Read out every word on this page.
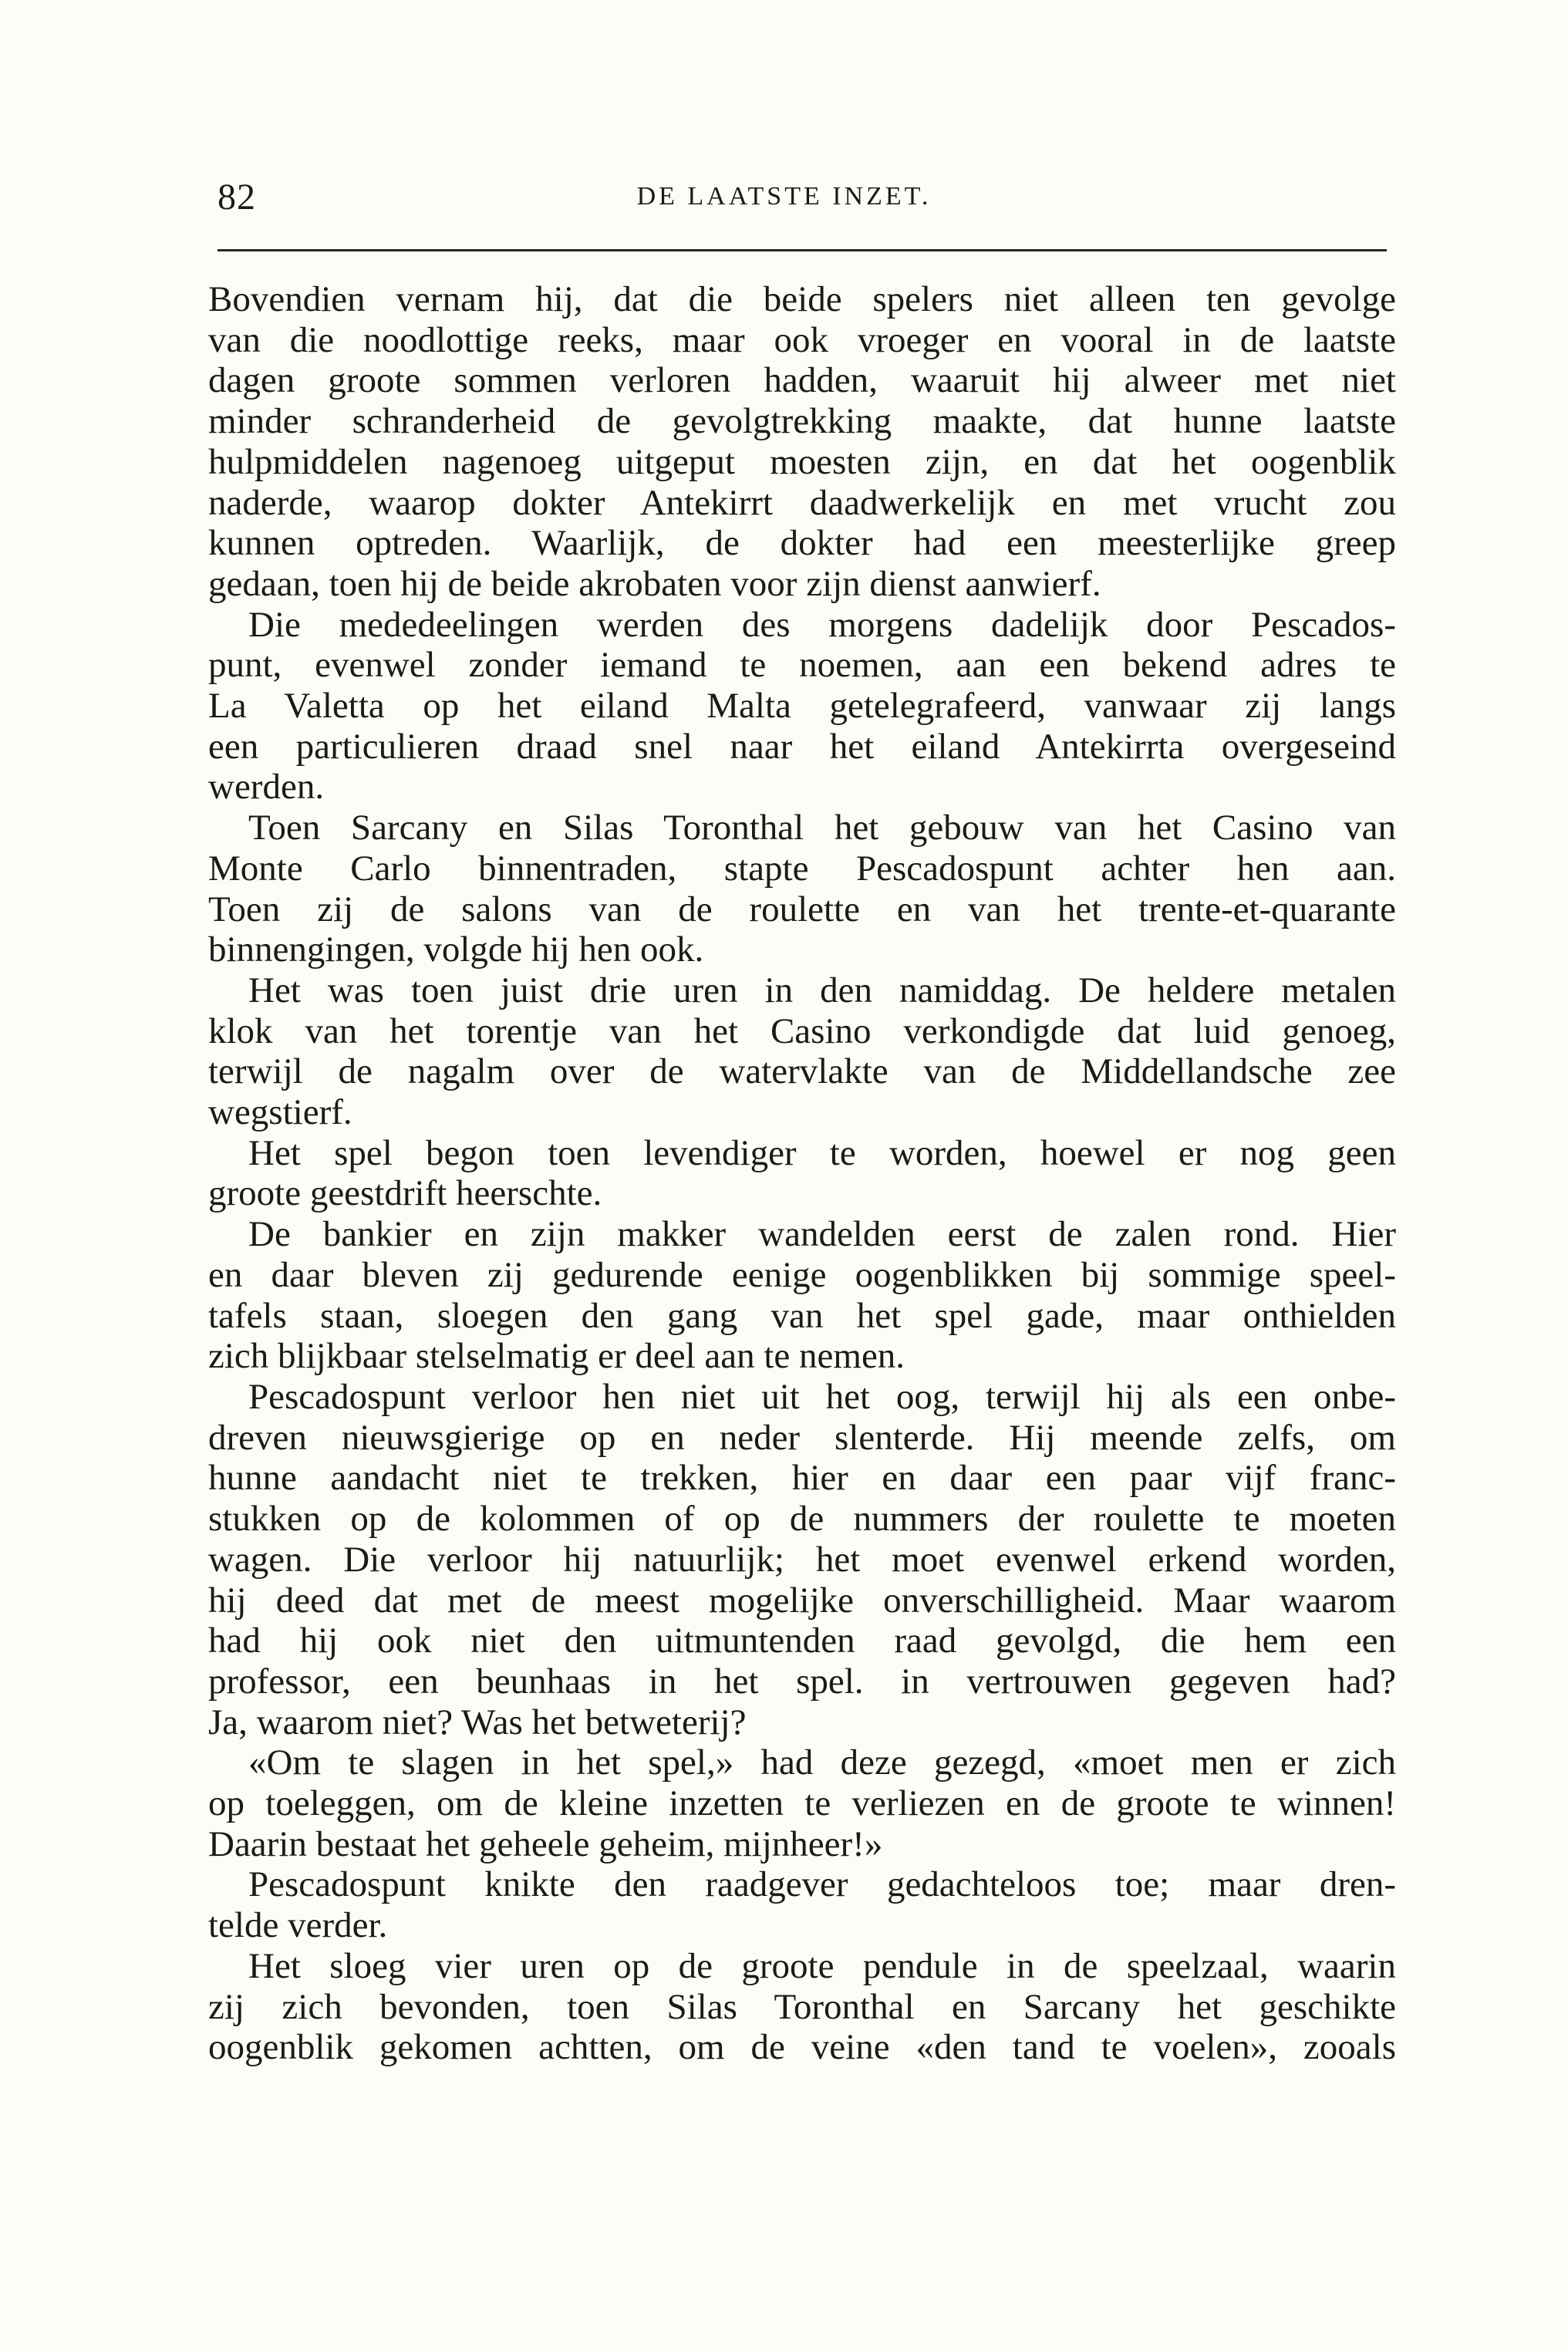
82	DE LAATSTE INZET.
Bovendien vernam hij, dat die beide spelers niet alleen ten gevolge
van die noodlottige reeks, maar ook vroeger en vooral in de laatste
dagen groote sommen verloren hadden, waaruit hij alweer met niet
minder schranderheid de gevolgtrekking maakte, dat hunne laatste
hulpmiddelen nagenoeg uitgeput moesten zijn, en dat het oogenblik
naderde, waarop dokter Antekirrt daadwerkelijk en met vrucht zou
kunnen optreden. Waarlijk, de dokter had een meesterlijke greep
gedaan, toen hij de beide akrobaten voor zijn dienst aanwierf.
Die mededeelingen werden des morgens dadelijk door Pescados-
punt, evenwel zonder iemand te noemen, aan een bekend adres te
La Valetta op het eiland Malta getelegrafeerd, vanwaar zij langs
een particulieren draad snel naar het eiland Antekirrta overgeseind
werden.
Toen Sarcany en Silas Toronthal het gebouw van het Casino van
Monte Carlo binnentraden, stapte Pescadospunt achter hen aan.
Toen zij de salons van de roulette en van het trente-et-quarante
binnengingen, volgde hij hen ook.
Het was toen juist drie uren in den namiddag. De heldere metalen
klok van het torentje van het Casino verkondigde dat luid genoeg,
terwijl de nagalm over de watervlakte van de Middellandsche zee
wegstierf.
Het spel begon toen levendiger te worden, hoewel er nog geen
groote geestdrift heerschte.
De bankier en zijn makker wandelden eerst de zalen rond. Hier
en daar bleven zij gedurende eenige oogenblikken bij sommige speel-
tafels staan, sloegen den gang van het spel gade, maar onthielden
zich blijkbaar stelselmatig er deel aan te nemen.
Pescadospunt verloor hen niet uit het oog, terwijl hij als een onbe-
dreven nieuwsgierige op en neder slenterde. Hij meende zelfs, om
hunne aandacht niet te trekken, hier en daar een paar vijf franc-
stukken op de kolommen of op de nummers der roulette te moeten
wagen. Die verloor hij natuurlijk; het moet evenwel erkend worden,
hij deed dat met de meest mogelijke onverschilligheid. Maar waarom
had hij ook niet den uitmuntenden raad gevolgd, die hem een
professor, een beunhaas in het spel. in vertrouwen gegeven had?
Ja, waarom niet? Was het betweterij?
«Om te slagen in het spel,» had deze gezegd, «moet men er zich
op toeleggen, om de kleine inzetten te verliezen en de groote te winnen!
Daarin bestaat het geheele geheim, mijnheer!»
Pescadospunt knikte den raadgever gedachteloos toe; maar dren-
telde verder.
Het sloeg vier uren op de groote pendule in de speelzaal, waarin
zij zich bevonden, toen Silas Toronthal en Sarcany het geschikte
oogenblik gekomen achtten, om de veine «den tand te voelen», zooals
